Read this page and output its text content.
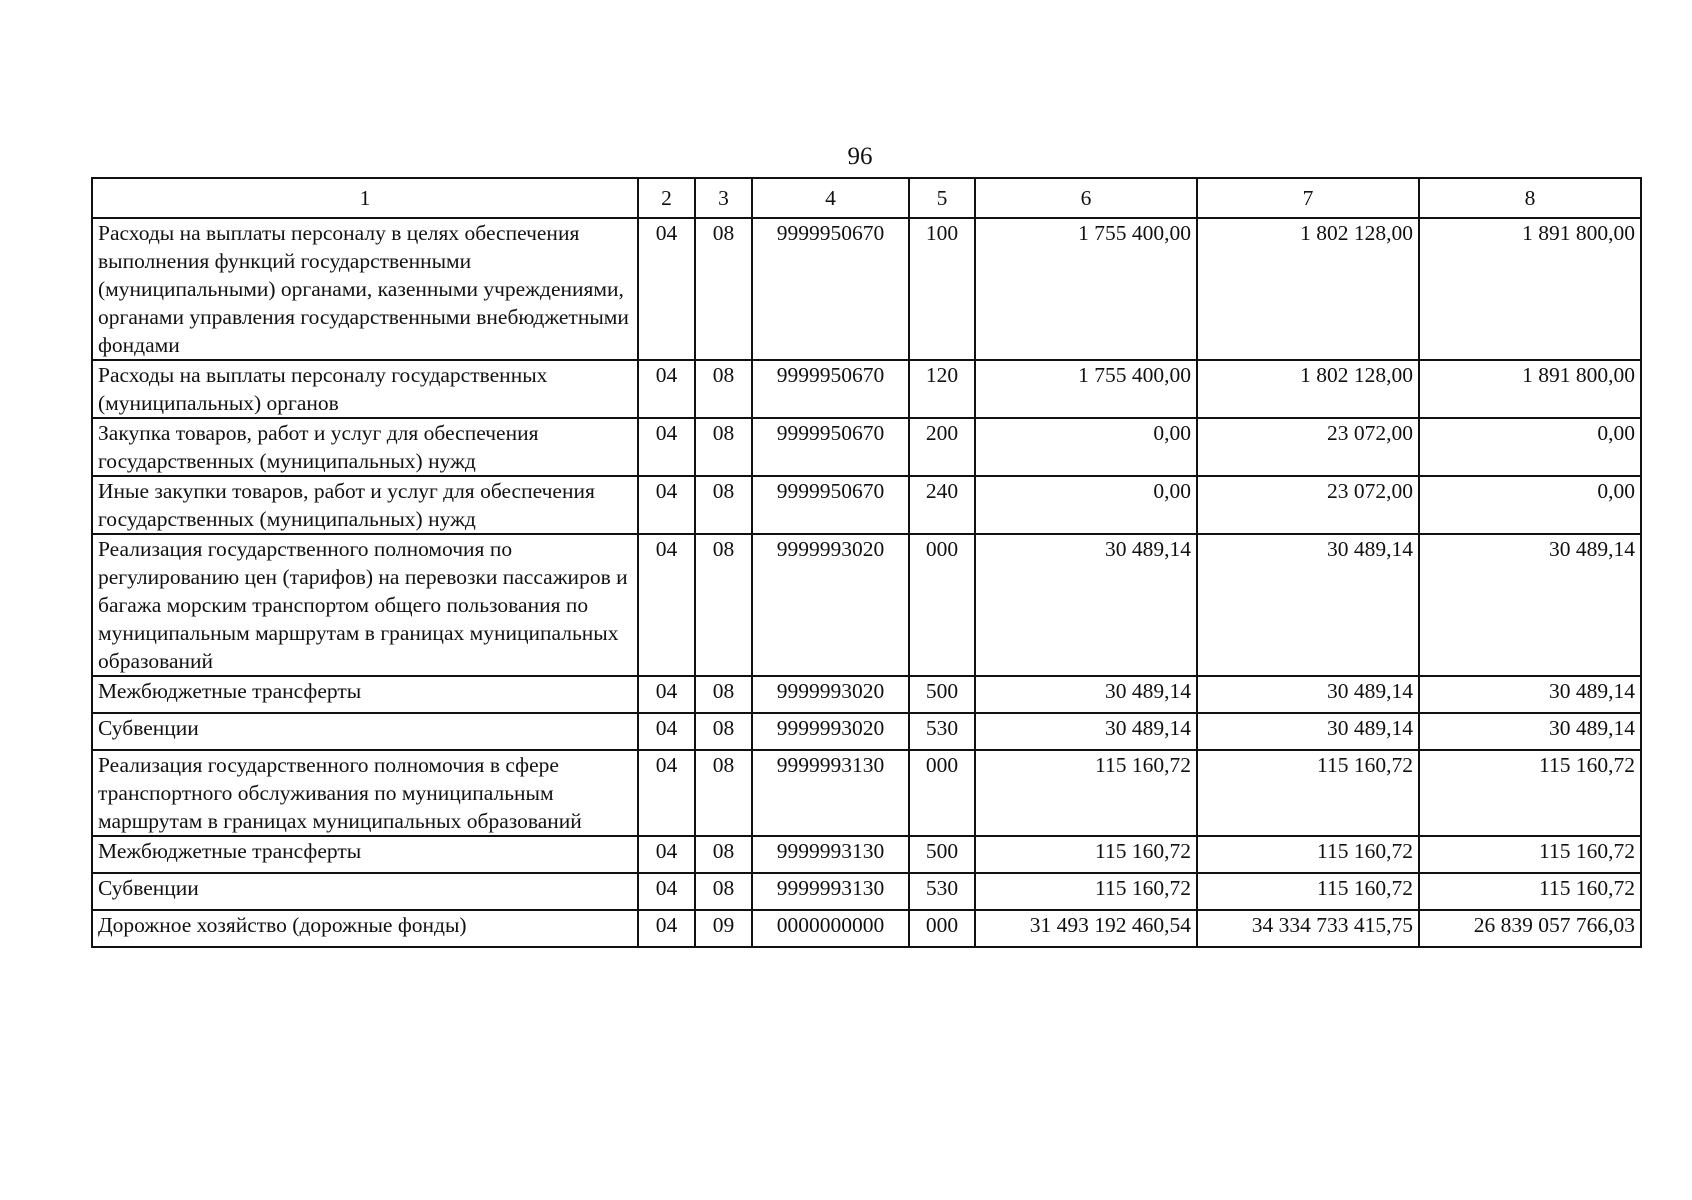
96
1	2	3	4	5	6	7	8
Расходы на выплаты персоналу в целях обеспечения выполнения функций государственными (муниципальными) органами, казенными учреждениями, органами управления государственными внебюджетными фондами	04	08	9999950670	100	1 755 400,00	1 802 128,00	1 891 800,00
Расходы на выплаты персоналу государственных (муниципальных) органов	04	08	9999950670	120	1 755 400,00	1 802 128,00	1 891 800,00
Закупка товаров, работ и услуг для обеспечения государственных (муниципальных) нужд	04	08	9999950670	200	0,00	23 072,00	0,00
Иные закупки товаров, работ и услуг для обеспечения государственных (муниципальных) нужд	04	08	9999950670	240	0,00	23 072,00	0,00
Реализация государственного полномочия по регулированию цен (тарифов) на перевозки пассажиров и багажа морским транспортом общего пользования по муниципальным маршрутам в границах муниципальных образований	04	08	9999993020	000	30 489,14	30 489,14	30 489,14
Межбюджетные трансферты	04	08	9999993020	500	30 489,14	30 489,14	30 489,14
Субвенции	04	08	9999993020	530	30 489,14	30 489,14	30 489,14
Реализация государственного полномочия в сфере транспортного обслуживания по муниципальным маршрутам в границах муниципальных образований	04	08	9999993130	000	115 160,72	115 160,72	115 160,72
Межбюджетные трансферты	04	08	9999993130	500	115 160,72	115 160,72	115 160,72
Субвенции	04	08	9999993130	530	115 160,72	115 160,72	115 160,72
Дорожное хозяйство (дорожные фонды)	04	09	0000000000	000	31 493 192 460,54	34 334 733 415,75	26 839 057 766,03
